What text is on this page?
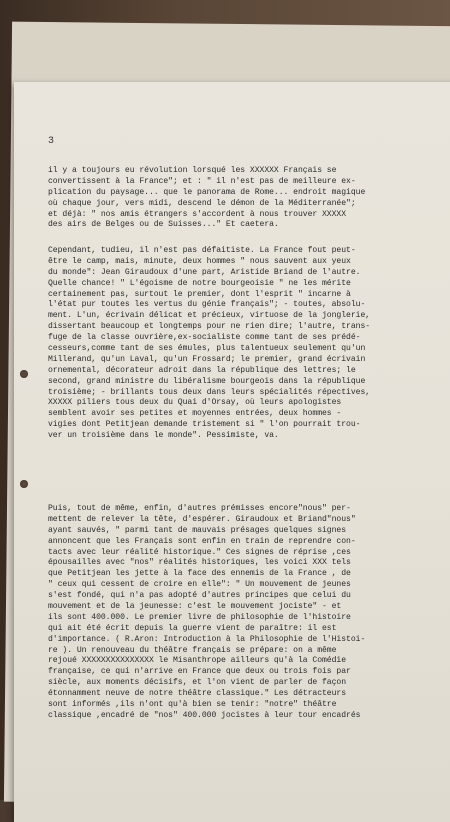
3
il y a toujours eu révolution lorsqué les XXXXXX Français se
convertissent à la France"; et : " il n'est pas de meilleure ex-
plication du paysage... que le panorama de Rome... endroit magique
où chaque jour, vers midi, descend le démon de la Méditerranée";
et déjà: " nos amis étrangers s'accordent à nous trouver XXXXX
des airs de Belges ou de Suisses..." Et caetera.
Cependant, tudieu, il n'est pas défaitiste. La France fout peut-
être le camp, mais, minute, deux hommes " nous sauvent aux yeux
du monde": Jean Giraudoux d'une part, Aristide Briand de l'autre.
Quelle chance! " L'égoisme de notre bourgeoisie " ne les mérite
certainement pas, surtout le premier, dont l'esprit " incarne à
l'état pur toutes les vertus du génie français"; - toutes, absolu-
ment. L'un, écrivain délicat et précieux, virtuose de la jonglerie,
dissertant beaucoup et longtemps pour ne rien dire; l'autre, trans-
fuge de la classe ouvrière,ex-socialiste comme tant de ses prédé-
cesseurs,comme tant de ses émules, plus talentueux seulement qu'un
Millerand, qu'un Laval, qu'un Frossard; le premier, grand écrivain
ornemental, décorateur adroit dans la république des lettres; le
second, grand ministre du libéralisme bourgeois dans la république
troisième; - brillants tous deux dans leurs spécialités répectives,
XXXXX piliers tous deux du Quai d'Orsay, où leurs apologistes
semblent avoir ses petites et moyennes entrées, deux hommes -
vigies dont Petitjean demande tristement si " l'on pourrait trou-
ver un troisième dans le monde". Pessimiste, va.
Puis, tout de même, enfin, d'autres prémisses encore"nous" per-
mettent de relever la tête, d'espérer. Giraudoux et Briand"nous"
ayant sauvés, " parmi tant de mauvais présages quelques signes
annoncent que les Français sont enfin en train de reprendre con-
tacts avec leur réalité historique." Ces signes de réprise ,ces
épousailles avec "nos" réalités historiques, les voici XXX tels
que Petitjean les jette à la face des ennemis de la France , de
" ceux qui cessent de croire en elle": " Un mouvement de jeunes
s'est fondé, qui n'a pas adopté d'autres principes que celui du
mouvement et de la jeunesse: c'est le mouvement jociste" - et
ils sont 400.000. Le premier livre de philosophie de l'histoire
qui ait été écrit depuis la guerre vient de paraître: il est
d'importance. ( R.Aron: Introduction à la Philosophie de l'Histoi-
re ). Un renouveau du théâtre français se prépare: on a même
rejoué XXXXXXXXXXXXXXX le Misanthrope ailleurs qu'à la Comédie
française, ce qui n'arrive en France que deux ou trois fois par
siècle, aux moments décisifs, et l'on vient de parler de façon
étonnamment neuve de notre théâtre classique." Les détracteurs
sont informés ,ils n'ont qu'à bien se tenir: "notre" théâtre
classique ,encadré de "nos" 400.000 jocistes à leur tour encadrés
